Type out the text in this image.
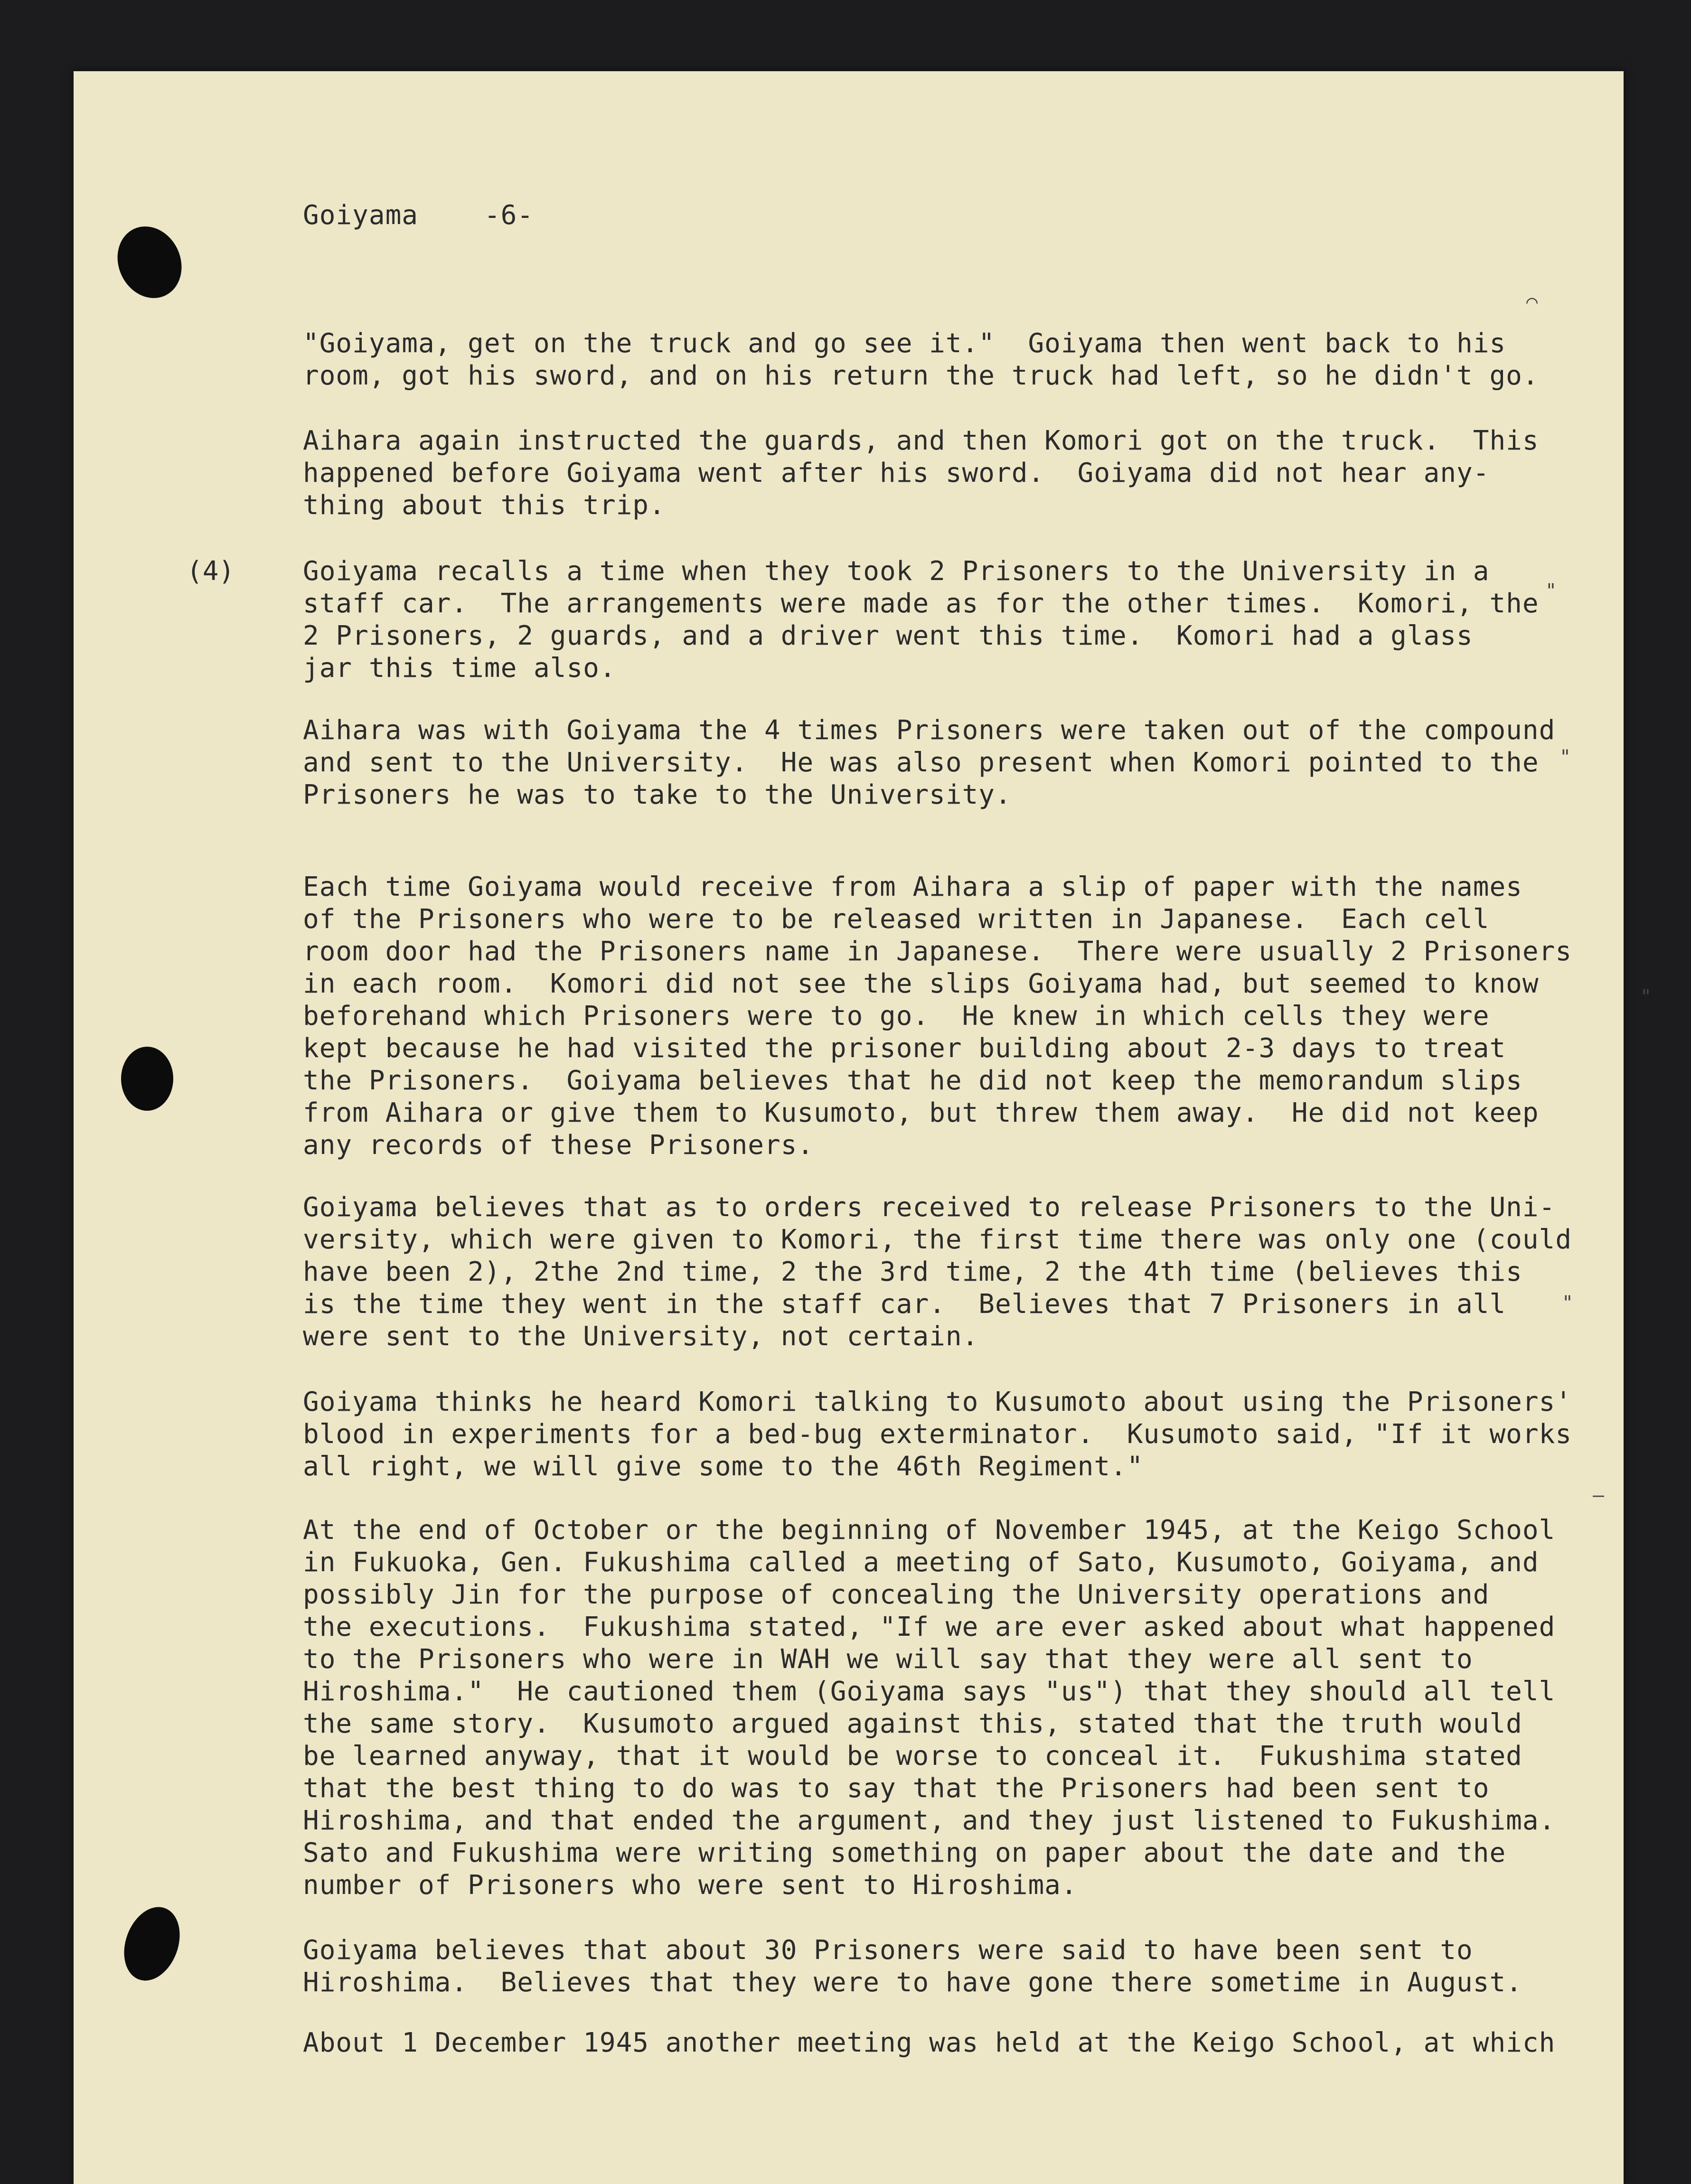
Goiyama    -6-
"Goiyama, get on the truck and go see it."  Goiyama then went back to his
room, got his sword, and on his return the truck had left, so he didn't go.
Aihara again instructed the guards, and then Komori got on the truck.  This
happened before Goiyama went after his sword.  Goiyama did not hear any-
thing about this trip.
Goiyama recalls a time when they took 2 Prisoners to the University in a
staff car.  The arrangements were made as for the other times.  Komori, the
2 Prisoners, 2 guards, and a driver went this time.  Komori had a glass
jar this time also.
(4)
Aihara was with Goiyama the 4 times Prisoners were taken out of the compound
and sent to the University.  He was also present when Komori pointed to the
Prisoners he was to take to the University.
Each time Goiyama would receive from Aihara a slip of paper with the names
of the Prisoners who were to be released written in Japanese.  Each cell
room door had the Prisoners name in Japanese.  There were usually 2 Prisoners
in each room.  Komori did not see the slips Goiyama had, but seemed to know
beforehand which Prisoners were to go.  He knew in which cells they were
kept because he had visited the prisoner building about 2-3 days to treat
the Prisoners.  Goiyama believes that he did not keep the memorandum slips
from Aihara or give them to Kusumoto, but threw them away.  He did not keep
any records of these Prisoners.
Goiyama believes that as to orders received to release Prisoners to the Uni-
versity, which were given to Komori, the first time there was only one (could
have been 2), 2the 2nd time, 2 the 3rd time, 2 the 4th time (believes this
is the time they went in the staff car.  Believes that 7 Prisoners in all
were sent to the University, not certain.
Goiyama thinks he heard Komori talking to Kusumoto about using the Prisoners'
blood in experiments for a bed-bug exterminator.  Kusumoto said, "If it works
all right, we will give some to the 46th Regiment."
At the end of October or the beginning of November 1945, at the Keigo School
in Fukuoka, Gen. Fukushima called a meeting of Sato, Kusumoto, Goiyama, and
possibly Jin for the purpose of concealing the University operations and
the executions.  Fukushima stated, "If we are ever asked about what happened
to the Prisoners who were in WAH we will say that they were all sent to
Hiroshima."  He cautioned them (Goiyama says "us") that they should all tell
the same story.  Kusumoto argued against this, stated that the truth would
be learned anyway, that it would be worse to conceal it.  Fukushima stated
that the best thing to do was to say that the Prisoners had been sent to
Hiroshima, and that ended the argument, and they just listened to Fukushima.
Sato and Fukushima were writing something on paper about the date and the
number of Prisoners who were sent to Hiroshima.
Goiyama believes that about 30 Prisoners were said to have been sent to
Hiroshima.  Believes that they were to have gone there sometime in August.
About 1 December 1945 another meeting was held at the Keigo School, at which
⌒
"
"
"
"
—
